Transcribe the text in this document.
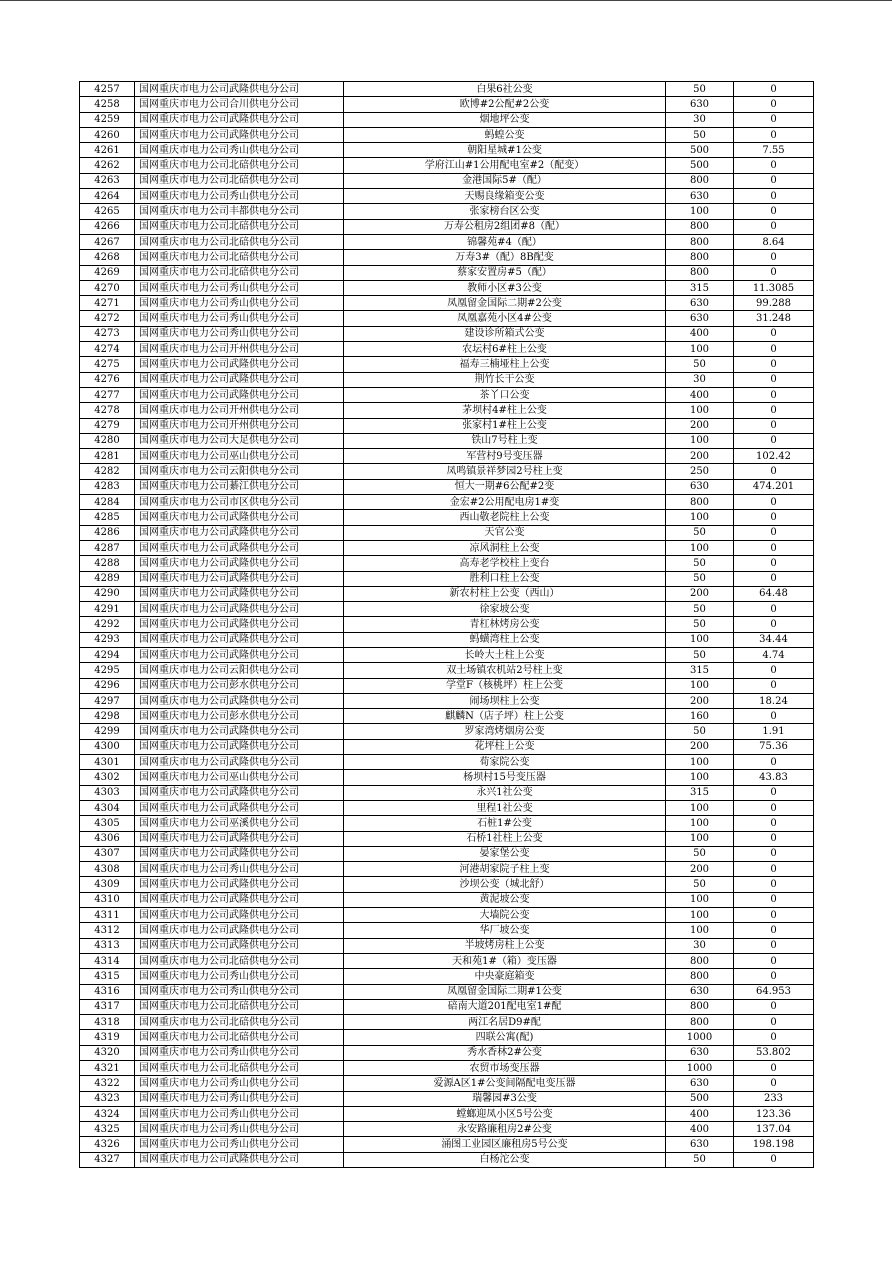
4257	国网重庆市电力公司武隆供电分公司	白果6社公变	50	0
4258	国网重庆市电力公司合川供电分公司	欧博#2公配#2公变	630	0
4259	国网重庆市电力公司武隆供电分公司	烟地坪公变	30	0
4260	国网重庆市电力公司武隆供电分公司	蚂蝗公变	50	0
4261	国网重庆市电力公司秀山供电分公司	朝阳星城#1公变	500	7.55
4262	国网重庆市电力公司北碚供电分公司	学府江山#1公用配电室#2（配变）	500	0
4263	国网重庆市电力公司北碚供电分公司	金港国际5#（配）	800	0
4264	国网重庆市电力公司秀山供电分公司	天赐良缘箱变公变	630	0
4265	国网重庆市电力公司丰都供电分公司	张家榜台区公变	100	0
4266	国网重庆市电力公司北碚供电分公司	万寿公租房2组团#8（配）	800	0
4267	国网重庆市电力公司北碚供电分公司	锦馨苑#4（配）	800	8.64
4268	国网重庆市电力公司北碚供电分公司	万寿3#（配）8B配变	800	0
4269	国网重庆市电力公司北碚供电分公司	蔡家安置房#5（配）	800	0
4270	国网重庆市电力公司秀山供电分公司	教师小区#3公变	315	11.3085
4271	国网重庆市电力公司秀山供电分公司	凤凰留金国际二期#2公变	630	99.288
4272	国网重庆市电力公司秀山供电分公司	凤凰嘉苑小区4#公变	630	31.248
4273	国网重庆市电力公司秀山供电分公司	建设诊所箱式公变	400	0
4274	国网重庆市电力公司开州供电分公司	农坛村6#柱上公变	100	0
4275	国网重庆市电力公司武隆供电分公司	福寿三楠垭柱上公变	50	0
4276	国网重庆市电力公司武隆供电分公司	荆竹长干公变	30	0
4277	国网重庆市电力公司武隆供电分公司	茶丫口公变	400	0
4278	国网重庆市电力公司开州供电分公司	茅坝村4#柱上公变	100	0
4279	国网重庆市电力公司开州供电分公司	张家村1#柱上公变	200	0
4280	国网重庆市电力公司大足供电分公司	铁山7号柱上变	100	0
4281	国网重庆市电力公司巫山供电分公司	军营村9号变压器	200	102.42
4282	国网重庆市电力公司云阳供电分公司	凤鸣镇景祥梦园2号柱上变	250	0
4283	国网重庆市电力公司綦江供电分公司	恒大一期#6公配#2变	630	474.201
4284	国网重庆市电力公司市区供电分公司	金宏#2公用配电房1#变	800	0
4285	国网重庆市电力公司武隆供电分公司	西山敬老院柱上公变	100	0
4286	国网重庆市电力公司武隆供电分公司	天官公变	50	0
4287	国网重庆市电力公司武隆供电分公司	凉风洞柱上公变	100	0
4288	国网重庆市电力公司武隆供电分公司	高寿老学校柱上变台	50	0
4289	国网重庆市电力公司武隆供电分公司	胜利口柱上公变	50	0
4290	国网重庆市电力公司武隆供电分公司	新农村柱上公变（西山）	200	64.48
4291	国网重庆市电力公司武隆供电分公司	徐家坡公变	50	0
4292	国网重庆市电力公司武隆供电分公司	青杠林烤房公变	50	0
4293	国网重庆市电力公司武隆供电分公司	蚂蟥湾柱上公变	100	34.44
4294	国网重庆市电力公司武隆供电分公司	长岭大土柱上公变	50	4.74
4295	国网重庆市电力公司云阳供电分公司	双土场镇农机站2号柱上变	315	0
4296	国网重庆市电力公司彭水供电分公司	学堂F（核桃坪）柱上公变	100	0
4297	国网重庆市电力公司武隆供电分公司	闹场坝柱上公变	200	18.24
4298	国网重庆市电力公司彭水供电分公司	麒麟N（店子坪）柱上公变	160	0
4299	国网重庆市电力公司武隆供电分公司	罗家湾烤烟房公变	50	1.91
4300	国网重庆市电力公司武隆供电分公司	花坪柱上公变	200	75.36
4301	国网重庆市电力公司武隆供电分公司	荀家院公变	100	0
4302	国网重庆市电力公司巫山供电分公司	杨坝村15号变压器	100	43.83
4303	国网重庆市电力公司武隆供电分公司	永兴1社公变	315	0
4304	国网重庆市电力公司武隆供电分公司	里程1社公变	100	0
4305	国网重庆市电力公司巫溪供电分公司	石桩1#公变	100	0
4306	国网重庆市电力公司武隆供电分公司	石桥1社柱上公变	100	0
4307	国网重庆市电力公司武隆供电分公司	晏家堡公变	50	0
4308	国网重庆市电力公司秀山供电分公司	河港胡家院子柱上变	200	0
4309	国网重庆市电力公司武隆供电分公司	沙坝公变（城北舒）	50	0
4310	国网重庆市电力公司武隆供电分公司	黄泥坡公变	100	0
4311	国网重庆市电力公司武隆供电分公司	大墙院公变	100	0
4312	国网重庆市电力公司武隆供电分公司	华厂坡公变	100	0
4313	国网重庆市电力公司武隆供电分公司	半坡烤房柱上公变	30	0
4314	国网重庆市电力公司北碚供电分公司	天和苑1#（箱）变压器	800	0
4315	国网重庆市电力公司秀山供电分公司	中央豪庭箱变	800	0
4316	国网重庆市电力公司秀山供电分公司	凤凰留金国际二期#1公变	630	64.953
4317	国网重庆市电力公司北碚供电分公司	碚南大道201配电室1#配	800	0
4318	国网重庆市电力公司北碚供电分公司	两江名居D9#配	800	0
4319	国网重庆市电力公司北碚供电分公司	四联公寓(配)	1000	0
4320	国网重庆市电力公司秀山供电分公司	秀水香林2#公变	630	53.802
4321	国网重庆市电力公司北碚供电分公司	农贸市场变压器	1000	0
4322	国网重庆市电力公司秀山供电分公司	爱源A区1#公变间隔配电变压器	630	0
4323	国网重庆市电力公司秀山供电分公司	瑞馨园#3公变	500	233
4324	国网重庆市电力公司秀山供电分公司	螳螂迎凤小区5号公变	400	123.36
4325	国网重庆市电力公司秀山供电分公司	永安路廉租房2#公变	400	137.04
4326	国网重庆市电力公司秀山供电分公司	涌图工业园区廉租房5号公变	630	198.198
4327	国网重庆市电力公司武隆供电分公司	白杨沱公变	50	0
